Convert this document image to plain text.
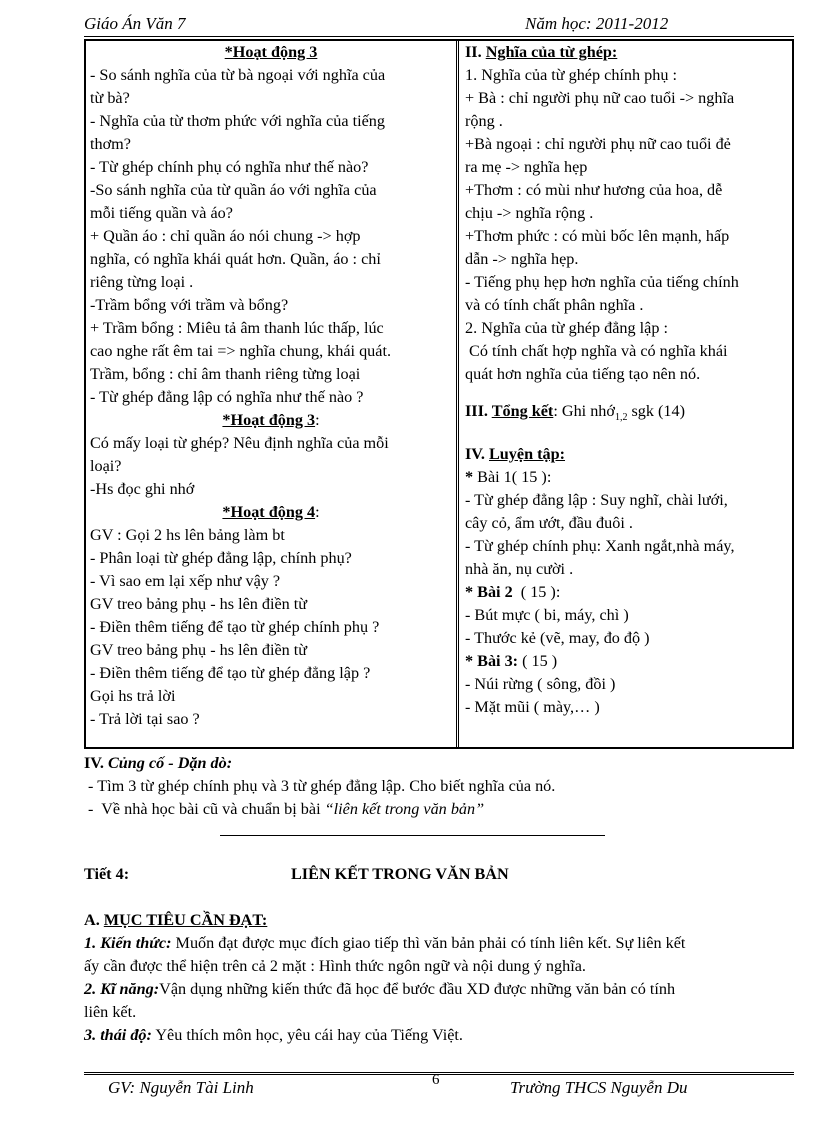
Giáo Án Văn 7	Năm học: 2011-2012
*Hoạt động 3
- So sánh nghĩa của từ bà ngoại với nghĩa của
từ bà?
- Nghĩa của từ thơm phức với nghĩa của tiếng
thơm?
- Từ ghép chính phụ có nghĩa như thế nào?
-So sánh nghĩa của từ quần áo với nghĩa của
mỗi tiếng quần và áo?
+ Quần áo : chỉ quần áo nói chung -> hợp
nghĩa, có nghĩa khái quát hơn. Quần, áo : chỉ
riêng từng loại .
-Trầm bổng với trầm và bổng?
+ Trầm bổng : Miêu tả âm thanh lúc thấp, lúc
cao nghe rất êm tai => nghĩa chung, khái quát.
Trầm, bổng : chỉ âm thanh riêng từng loại
- Từ ghép đẳng lập có nghĩa như thế nào ?
*Hoạt động 3:
Có mấy loại từ ghép? Nêu định nghĩa của mỗi
loại?
-Hs đọc ghi nhớ
*Hoạt động 4:
GV : Gọi 2 hs lên bảng làm bt
- Phân loại từ ghép đẳng lập, chính phụ?
- Vì sao em lại xếp như vậy ?
GV treo bảng phụ - hs lên điền từ
- Điền thêm tiếng để tạo từ ghép chính phụ ?
GV treo bảng phụ - hs lên điền từ
- Điền thêm tiếng để tạo từ ghép đẳng lập ?
Gọi hs trả lời
- Trả lời tại sao ?

II. Nghĩa của từ ghép:
1. Nghĩa của từ ghép chính phụ :
+ Bà : chỉ người phụ nữ cao tuổi -> nghĩa
rộng .
+Bà ngoại : chỉ người phụ nữ cao tuổi đẻ
ra mẹ -> nghĩa hẹp
+Thơm : có mùi như hương của hoa, dễ
chịu -> nghĩa rộng .
+Thơm phức : có mùi bốc lên mạnh, hấp
dẫn -> nghĩa hẹp.
- Tiếng phụ hẹp hơn nghĩa của tiếng chính
và có tính chất phân nghĩa .
2. Nghĩa của từ ghép đẳng lập :
Có tính chất hợp nghĩa và có nghĩa khái
quát hơn nghĩa của tiếng tạo nên nó.
III. Tổng kết: Ghi nhớ$_{1,2}$ sgk (14)
IV. Luyện tập:
* Bài 1( 15 ):
- Từ ghép đẳng lập : Suy nghĩ, chài lưới,
cây cỏ, ẩm ướt, đầu đuôi .
- Từ ghép chính phụ: Xanh ngắt,nhà máy,
nhà ăn, nụ cười .
* Bài 2  ( 15 ):
- Bút mực ( bi, máy, chì )
- Thước kẻ (vẽ, may, đo độ )
* Bài 3: ( 15 )
- Núi rừng ( sông, đồi )
- Mặt mũi ( mày,… )
IV. Củng cố - Dặn dò:
- Tìm 3 từ ghép chính phụ và 3 từ ghép đẳng lập. Cho biết nghĩa của nó.
-  Về nhà học bài cũ và chuẩn bị bài “liên kết trong văn bản”
Tiết 4:	LIÊN KẾT TRONG VĂN BẢN
A. MỤC TIÊU CẦN ĐẠT:
1. Kiến thức: Muốn đạt được mục đích giao tiếp thì văn bản phải có tính liên kết. Sự liên kết
ấy cần được thể hiện trên cả 2 mặt : Hình thức ngôn ngữ và nội dung ý nghĩa.
2. Kĩ năng:Vận dụng những kiến thức đã học để bước đầu XD được những văn bản có tính
liên kết.
3. thái độ: Yêu thích môn học, yêu cái hay của Tiếng Việt.
GV: Nguyễn Tài Linh	6	Trường THCS Nguyễn Du
